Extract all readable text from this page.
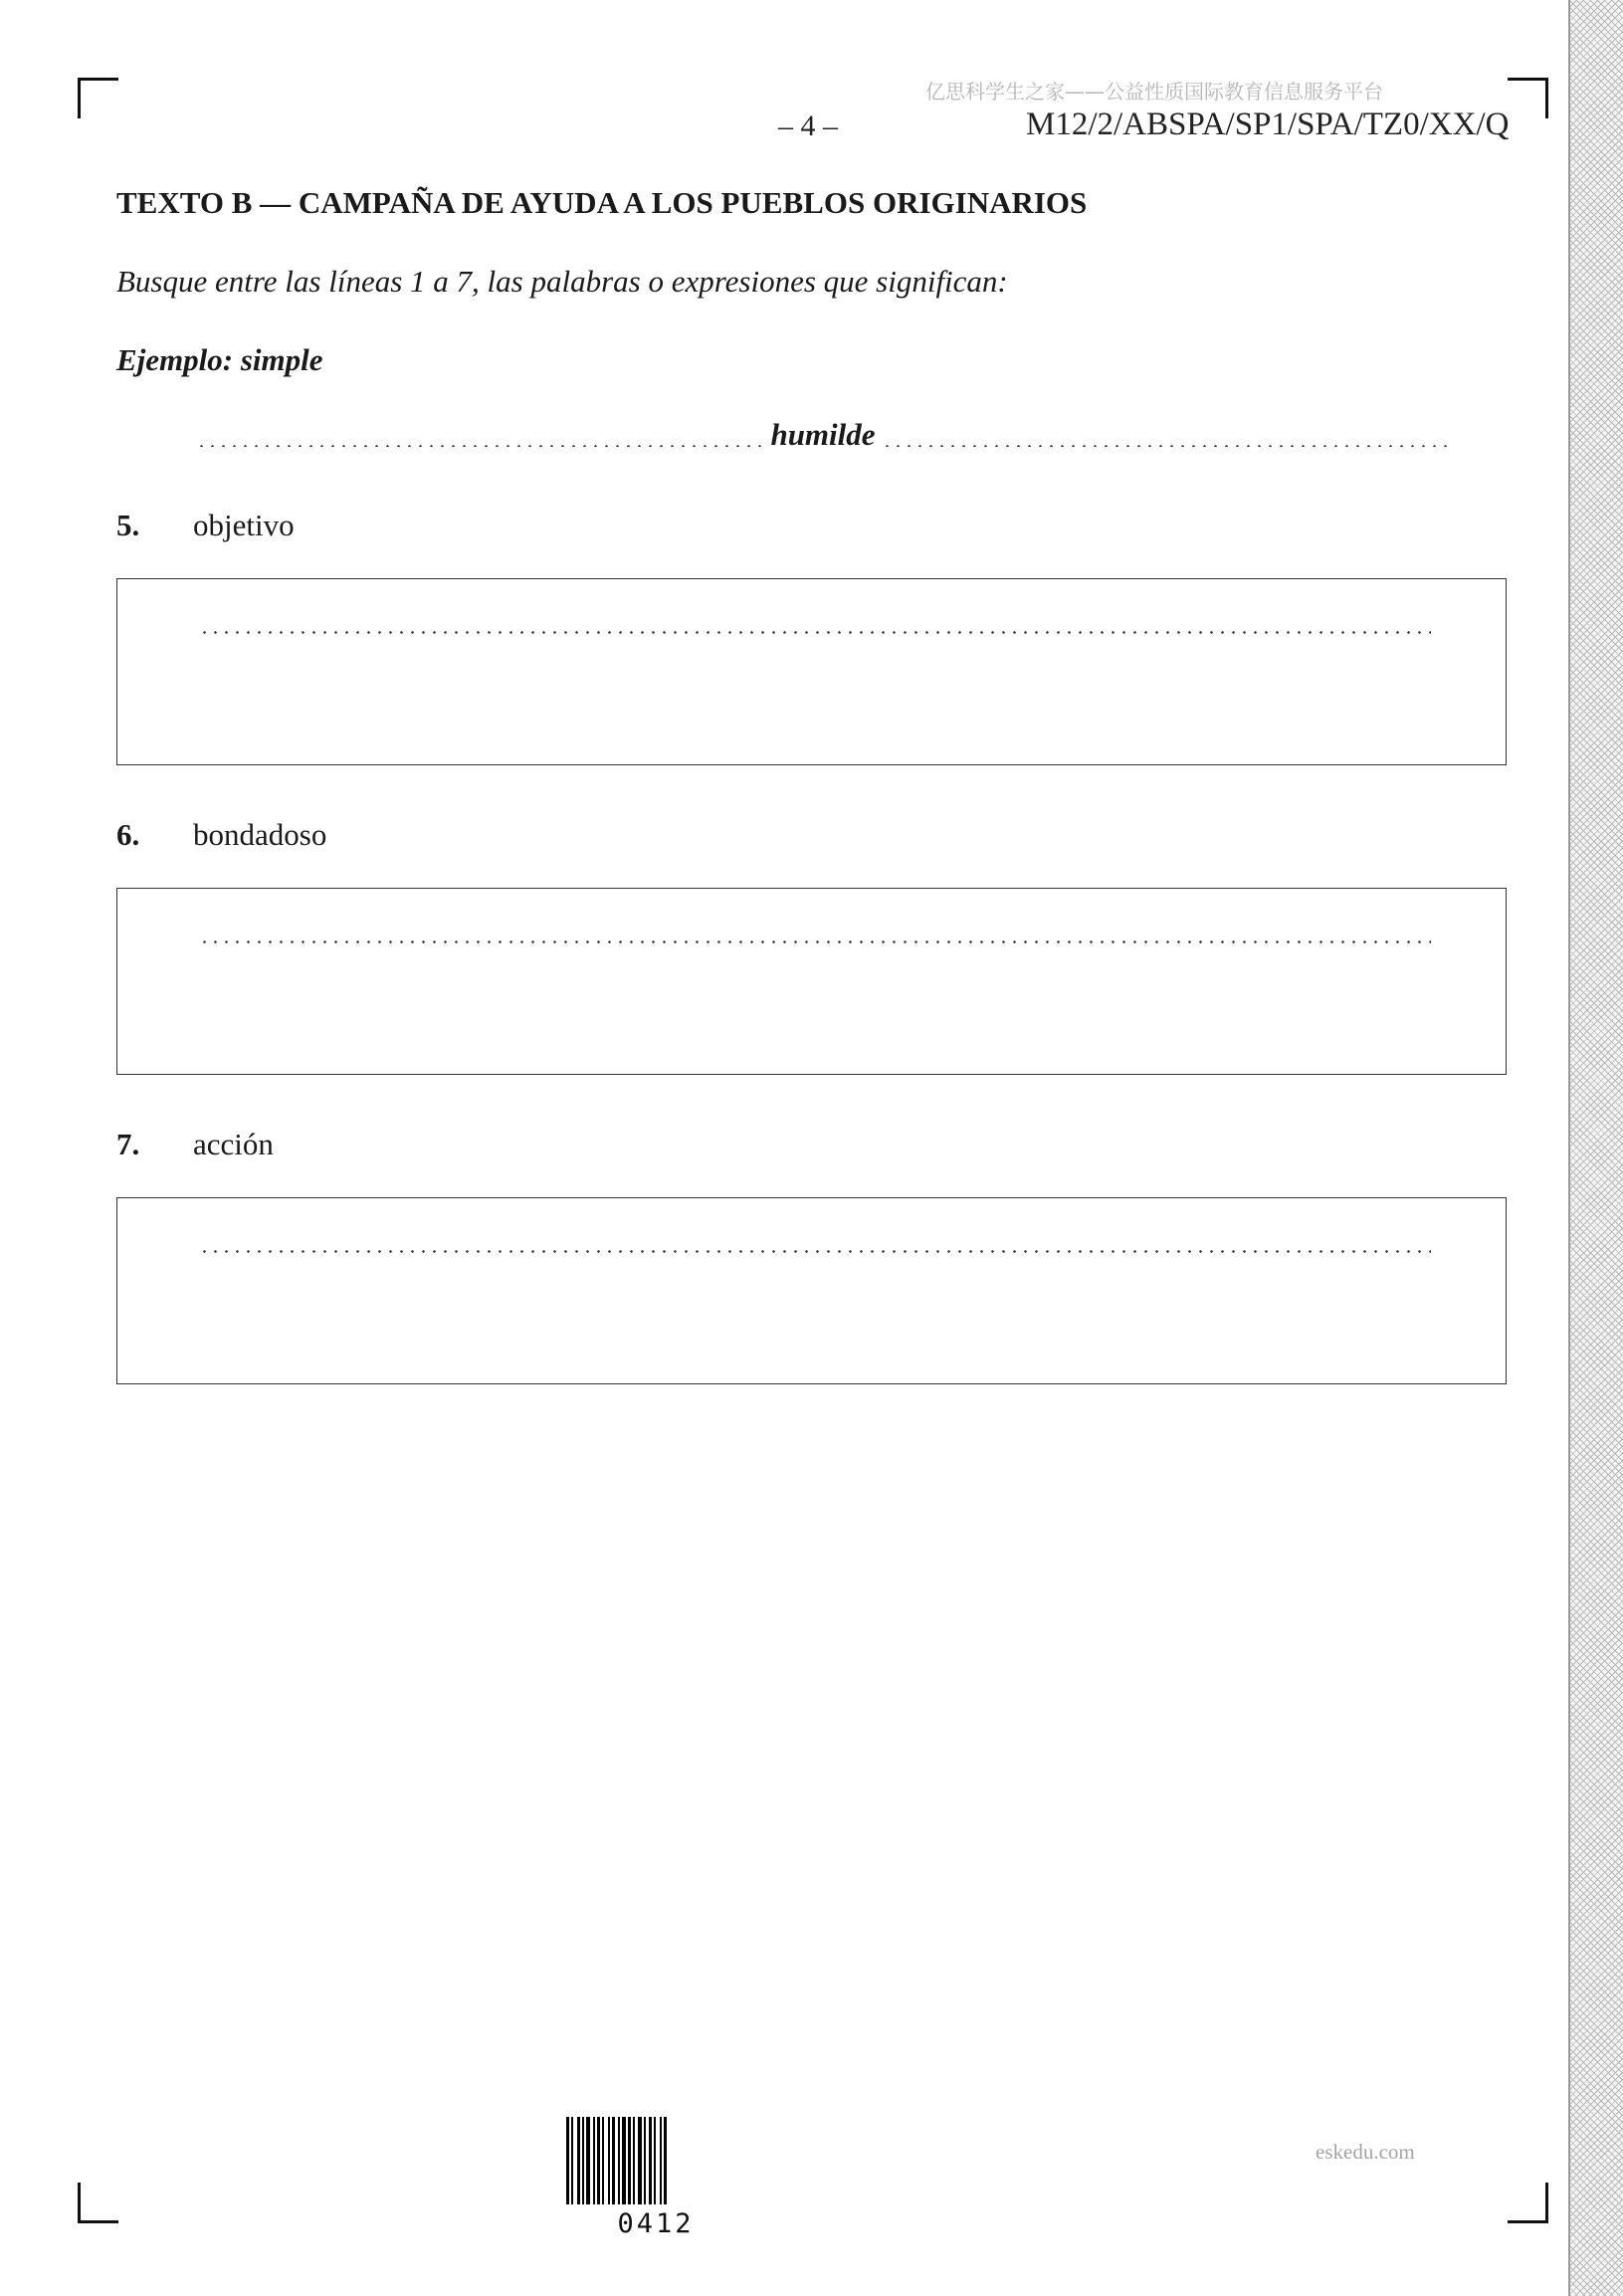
亿思科学生之家——公益性质国际教育信息服务平台
– 4 –	M12/2/ABSPA/SP1/SPA/TZ0/XX/Q
TEXTO B — CAMPAÑA DE AYUDA A LOS PUEBLOS ORIGINARIOS
Busque entre las líneas 1 a 7, las palabras o expresiones que significan:
Ejemplo: simple
humilde
5. objetivo
6. bondadoso
7. acción
0412
eskedu.com
